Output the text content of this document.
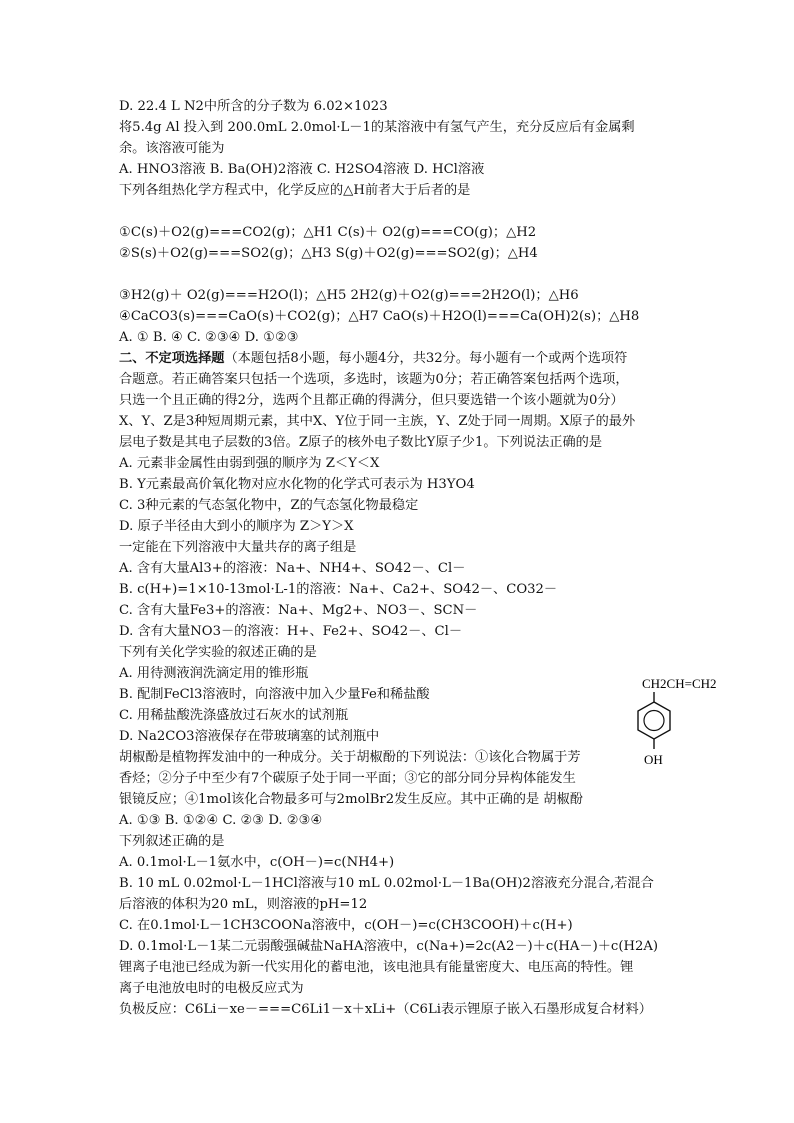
D. 22.4 L N2中所含的分子数为 6.02×1023
将5.4g Al 投入到 200.0mL 2.0mol·L－1的某溶液中有氢气产生，充分反应后有金属剩
余。该溶液可能为
A. HNO3溶液 B. Ba(OH)2溶液 C. H2SO4溶液 D. HCl溶液
下列各组热化学方程式中，化学反应的△H前者大于后者的是
①C(s)＋O2(g)===CO2(g)；△H1 C(s)＋ O2(g)===CO(g)；△H2
②S(s)＋O2(g)===SO2(g)；△H3 S(g)＋O2(g)===SO2(g)；△H4
③H2(g)＋ O2(g)===H2O(l)；△H5 2H2(g)＋O2(g)===2H2O(l)；△H6
④CaCO3(s)===CaO(s)＋CO2(g)；△H7 CaO(s)＋H2O(l)===Ca(OH)2(s)；△H8
A. ① B. ④ C. ②③④ D. ①②③
二、不定项选择题（本题包括8小题，每小题4分，共32分。每小题有一个或两个选项符
合题意。若正确答案只包括一个选项，多选时，该题为0分；若正确答案包括两个选项，
只选一个且正确的得2分，选两个且都正确的得满分，但只要选错一个该小题就为0分）
X、Y、Z是3种短周期元素，其中X、Y位于同一主族，Y、Z处于同一周期。X原子的最外
层电子数是其电子层数的3倍。Z原子的核外电子数比Y原子少1。下列说法正确的是
A. 元素非金属性由弱到强的顺序为 Z＜Y＜X
B. Y元素最高价氧化物对应水化物的化学式可表示为 H3YO4
C. 3种元素的气态氢化物中，Z的气态氢化物最稳定
D. 原子半径由大到小的顺序为 Z＞Y＞X
一定能在下列溶液中大量共存的离子组是
A. 含有大量Al3+的溶液：Na+、NH4+、SO42－、Cl－
B. c(H+)=1×10-13mol·L-1的溶液：Na+、Ca2+、SO42－、CO32－
C. 含有大量Fe3+的溶液：Na+、Mg2+、NO3－、SCN－
D. 含有大量NO3－的溶液：H+、Fe2+、SO42－、Cl－
下列有关化学实验的叙述正确的是
A. 用待测液润洗滴定用的锥形瓶
B. 配制FeCl3溶液时，向溶液中加入少量Fe和稀盐酸
C. 用稀盐酸洗涤盛放过石灰水的试剂瓶
D. Na2CO3溶液保存在带玻璃塞的试剂瓶中
胡椒酚是植物挥发油中的一种成分。关于胡椒酚的下列说法：①该化合物属于芳
香烃；②分子中至少有7个碳原子处于同一平面；③它的部分同分异构体能发生
银镜反应；④1mol该化合物最多可与2molBr2发生反应。其中正确的是 胡椒酚
A. ①③ B. ①②④ C. ②③ D. ②③④
下列叙述正确的是
A. 0.1mol·L－1氨水中，c(OH－)=c(NH4+)
B. 10 mL 0.02mol·L－1HCl溶液与10 mL 0.02mol·L－1Ba(OH)2溶液充分混合,若混合
后溶液的体积为20 mL，则溶液的pH=12
C. 在0.1mol·L－1CH3COONa溶液中，c(OH－)=c(CH3COOH)＋c(H+)
D. 0.1mol·L－1某二元弱酸强碱盐NaHA溶液中，c(Na+)=2c(A2－)＋c(HA－)＋c(H2A)
锂离子电池已经成为新一代实用化的蓄电池，该电池具有能量密度大、电压高的特性。锂
离子电池放电时的电极反应式为
负极反应：C6Li－xe－===C6Li1－x＋xLi+（C6Li表示锂原子嵌入石墨形成复合材料）
CH2CH=CH2
OH
